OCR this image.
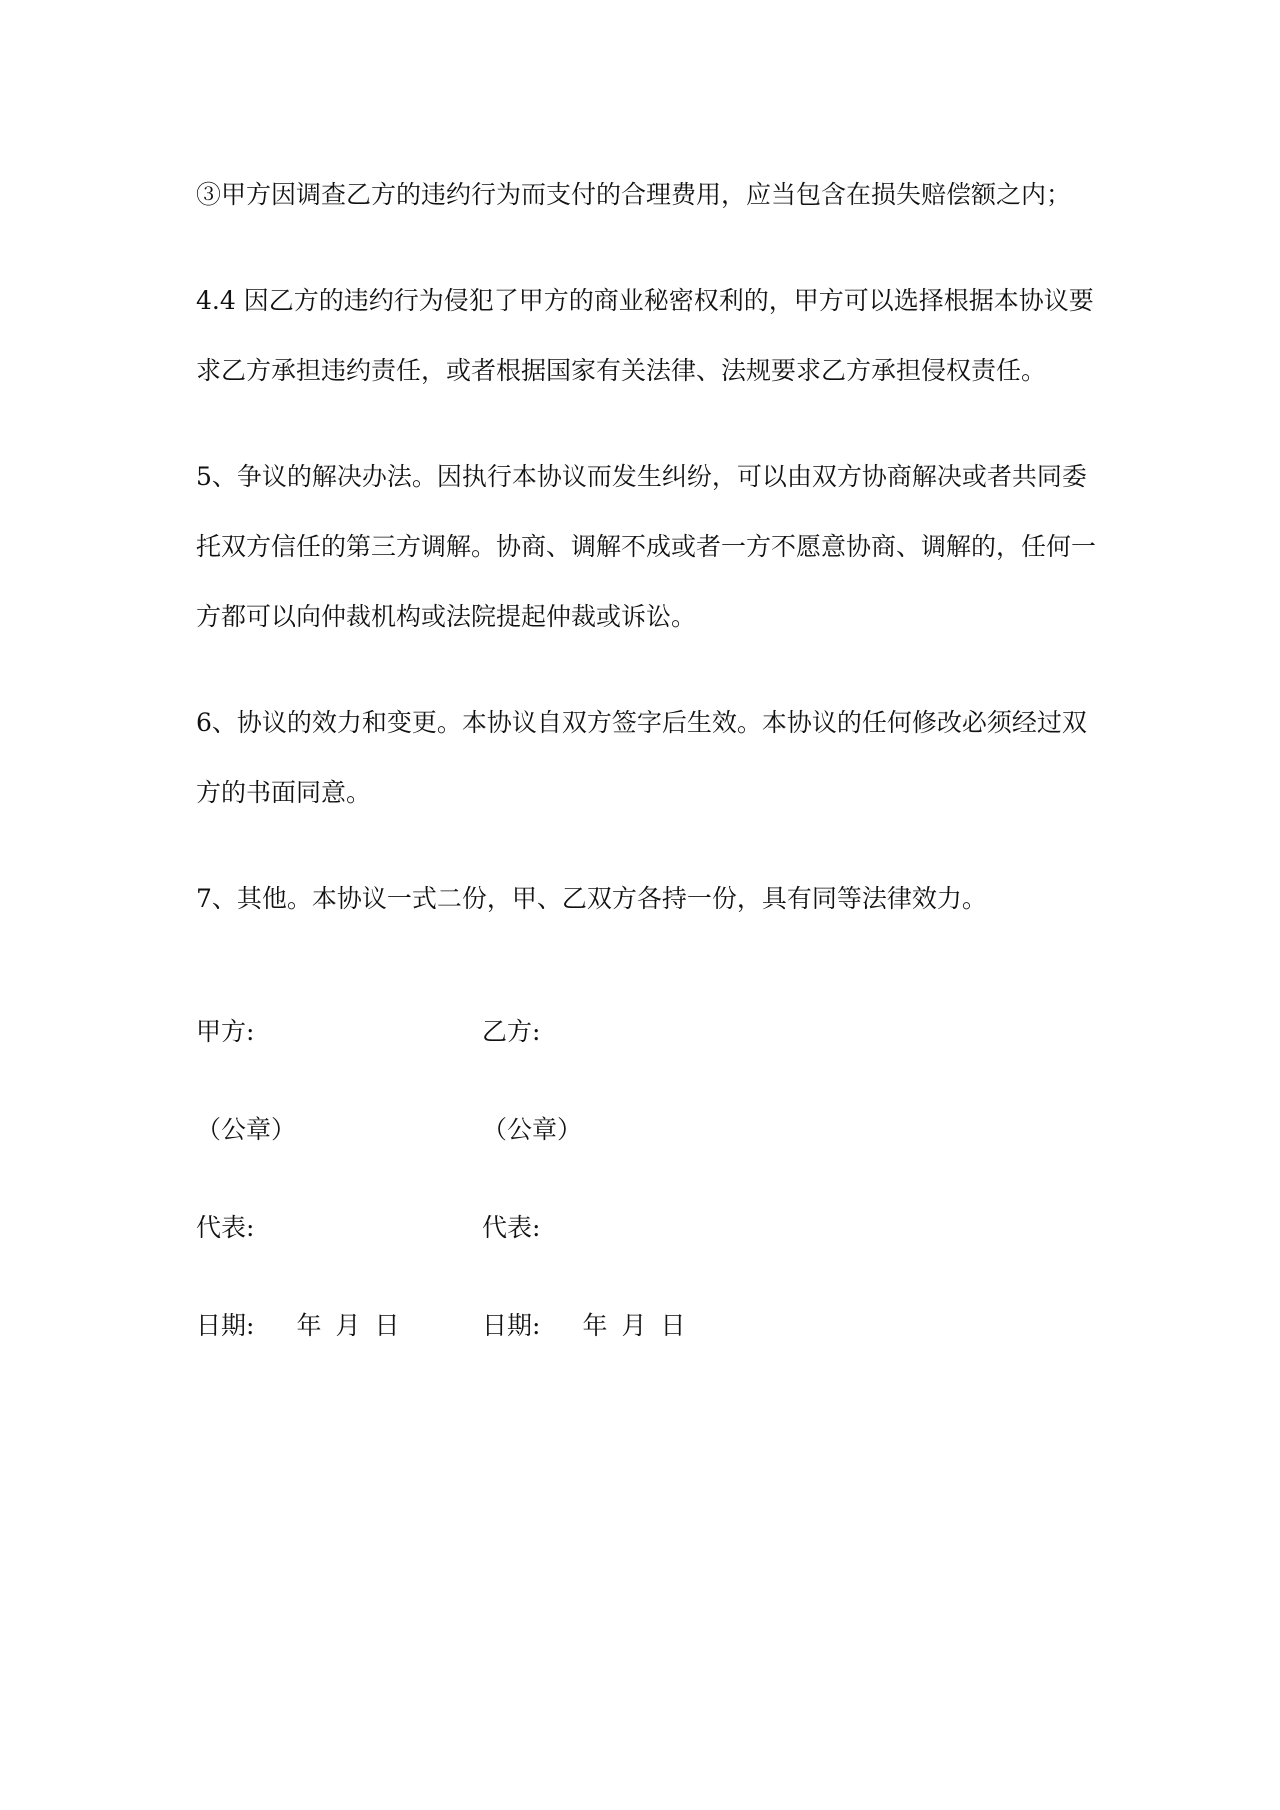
③甲方因调查乙方的违约行为而支付的合理费用，应当包含在损失赔偿额之内；

4.4 因乙方的违约行为侵犯了甲方的商业秘密权利的，甲方可以选择根据本协议要求乙方承担违约责任，或者根据国家有关法律、法规要求乙方承担侵权责任。

5、争议的解决办法。因执行本协议而发生纠纷，可以由双方协商解决或者共同委托双方信任的第三方调解。协商、调解不成或者一方不愿意协商、调解的，任何一方都可以向仲裁机构或法院提起仲裁或诉讼。

6、协议的效力和变更。本协议自双方签字后生效。本协议的任何修改必须经过双方的书面同意。

7、其他。本协议一式二份，甲、乙双方各持一份，具有同等法律效力。

甲方:	乙方:
（公章）	（公章）
代表:	代表:
日期: 年 月 日	日期: 年 月 日
